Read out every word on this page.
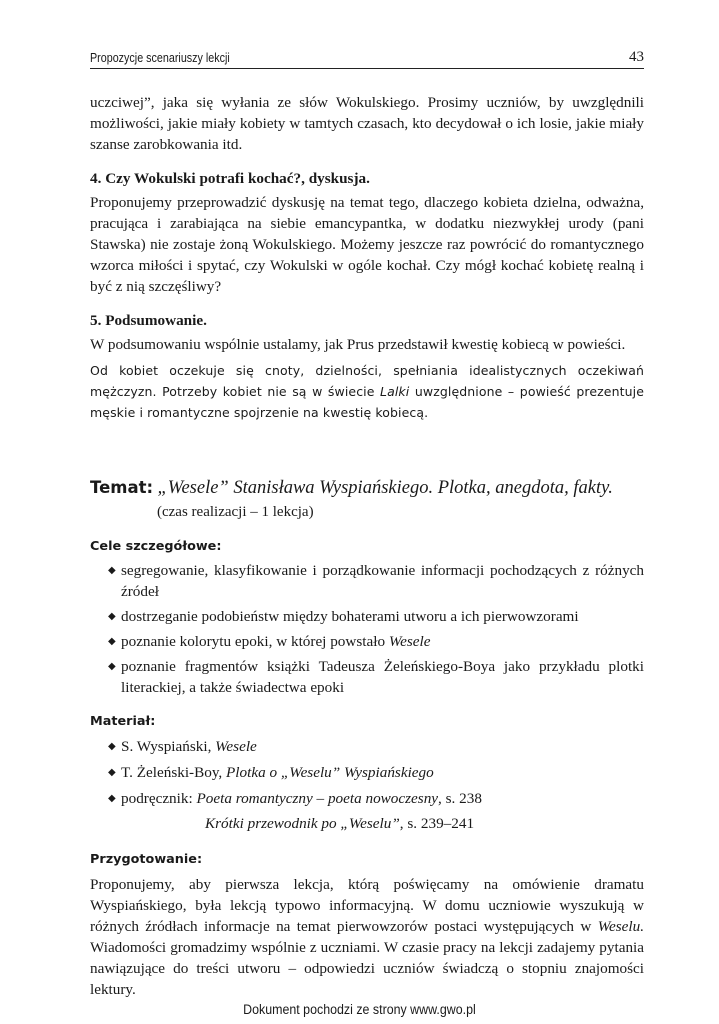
Propozycje scenariuszy lekcji	43

uczciwej”, jaka się wyłania ze słów Wokulskiego. Prosimy uczniów, by uwzględnili możliwości, jakie miały kobiety w tamtych czasach, kto decydował o ich losie, jakie miały szanse zarobkowania itd.

4. Czy Wokulski potrafi kochać?, dyskusja.

Proponujemy przeprowadzić dyskusję na temat tego, dlaczego kobieta dzielna, odważna, pracująca i zarabiająca na siebie emancypantka, w dodatku niezwykłej urody (pani Stawska) nie zostaje żoną Wokulskiego. Możemy jeszcze raz powrócić do romantycznego wzorca miłości i spytać, czy Wokulski w ogóle kochał. Czy mógł kochać kobietę realną i być z nią szczęśliwy?

5. Podsumowanie.

W podsumowaniu wspólnie ustalamy, jak Prus przedstawił kwestię kobiecą w powieści.

Od kobiet oczekuje się cnoty, dzielności, spełniania idealistycznych oczekiwań mężczyzn. Potrzeby kobiet nie są w świecie Lalki uwzględnione – powieść prezentuje męskie i romantyczne spojrzenie na kwestię kobiecą.

Temat: „Wesele” Stanisława Wyspiańskiego. Plotka, anegdota, fakty.

(czas realizacji – 1 lekcja)

Cele szczegółowe:

◆ segregowanie, klasyfikowanie i porządkowanie informacji pochodzących z różnych źródeł
◆ dostrzeganie podobieństw między bohaterami utworu a ich pierwowzorami
◆ poznanie kolorytu epoki, w której powstało Wesele
◆ poznanie fragmentów książki Tadeusza Żeleńskiego-Boya jako przykładu plotki literackiej, a także świadectwa epoki

Materiał:

◆ S. Wyspiański, Wesele
◆ T. Żeleński-Boy, Plotka o „Weselu” Wyspiańskiego
◆ podręcznik: Poeta romantyczny – poeta nowoczesny, s. 238

Krótki przewodnik po „Weselu”, s. 239–241

Przygotowanie:

Proponujemy, aby pierwsza lekcja, którą poświęcamy na omówienie dramatu Wyspiańskiego, była lekcją typowo informacyjną. W domu uczniowie wyszukują w różnych źródłach informacje na temat pierwowzorów postaci występujących w Weselu. Wiadomości gromadzimy wspólnie z uczniami. W czasie pracy na lekcji zadajemy pytania nawiązujące do treści utworu – odpowiedzi uczniów świadczą o stopniu znajomości lektury.

Dokument pochodzi ze strony www.gwo.pl
